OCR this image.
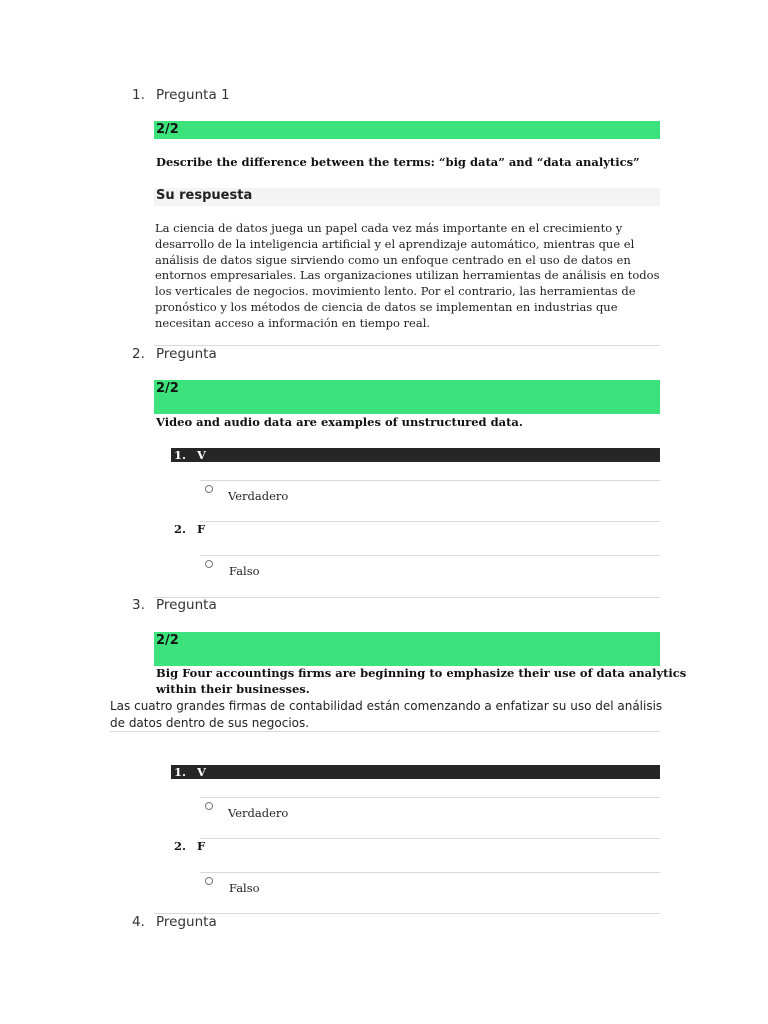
1. Pregunta 1
2/2
Describe the difference between the terms: “big data” and “data analytics”
Su respuesta
La ciencia de datos juega un papel cada vez más importante en el crecimiento y desarrollo de la inteligencia artificial y el aprendizaje automático, mientras que el análisis de datos sigue sirviendo como un enfoque centrado en el uso de datos en entornos empresariales. Las organizaciones utilizan herramientas de análisis en todos los verticales de negocios. movimiento lento. Por el contrario, las herramientas de pronóstico y los métodos de ciencia de datos se implementan en industrias que necesitan acceso a información en tiempo real.
2. Pregunta
2/2
Video and audio data are examples of unstructured data.
1. V
Verdadero
2. F
Falso
3. Pregunta
2/2
Big Four accountings firms are beginning to emphasize their use of data analytics
within their businesses.
Las cuatro grandes firmas de contabilidad están comenzando a enfatizar su uso del análisis de datos dentro de sus negocios.
1. V
Verdadero
2. F
Falso
4. Pregunta
